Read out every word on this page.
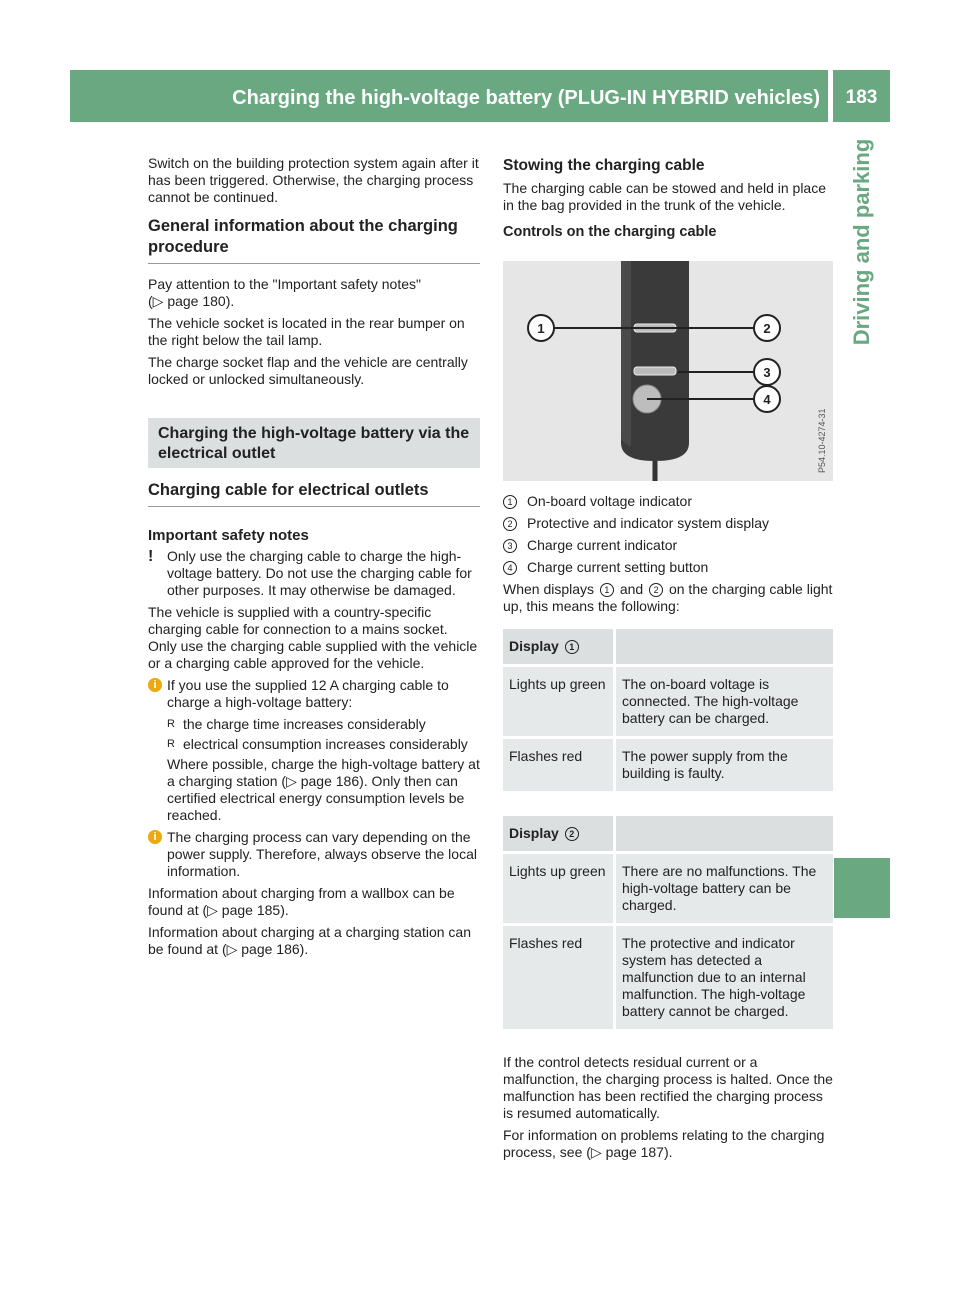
Charging the high-voltage battery (PLUG-IN HYBRID vehicles)	183
Driving and parking

Switch on the building protection system again after it has been triggered. Otherwise, the charging process cannot be continued.

General information about the charging procedure

Pay attention to the "Important safety notes"
(▷ page 180).

The vehicle socket is located in the rear bumper on the right below the tail lamp.

The charge socket flap and the vehicle are centrally locked or unlocked simultaneously.

Charging the high-voltage battery via the electrical outlet
Charging cable for electrical outlets
Important safety notes
! Only use the charging cable to charge the high-voltage battery. Do not use the charging cable for other purposes. It may otherwise be damaged.

The vehicle is supplied with a country-specific charging cable for connection to a mains socket. Only use the charging cable supplied with the vehicle or a charging cable approved for the vehicle.

i If you use the supplied 12 A charging cable to charge a high-voltage battery:
R the charge time increases considerably
R electrical consumption increases considerably

Where possible, charge the high-voltage battery at a charging station (▷ page 186). Only then can certified electrical energy consumption levels be reached.

i The charging process can vary depending on the power supply. Therefore, always observe the local information.

Information about charging from a wallbox can be found at (▷ page 185).

Information about charging at a charging station can be found at (▷ page 186).

Stowing the charging cable

The charging cable can be stowed and held in place in the bag provided in the trunk of the vehicle.

Controls on the charging cable
1	2
3
4
P54.10-4274-31
1 On-board voltage indicator
2 Protective and indicator system display
3 Charge current indicator
4 Charge current setting button

When displays 1 and 2 on the charging cable light up, this means the following:

Display 1	
Lights up green	The on-board voltage is connected. The high-voltage battery can be charged.
Flashes red	The power supply from the building is faulty.
Display 2	
Lights up green	There are no malfunctions. The high-voltage battery can be charged.
Flashes red	The protective and indicator system has detected a malfunction due to an internal malfunction. The high-voltage battery cannot be charged.

If the control detects residual current or a malfunction, the charging process is halted. Once the malfunction has been rectified the charging process is resumed automatically.

For information on problems relating to the charging process, see (▷ page 187).
